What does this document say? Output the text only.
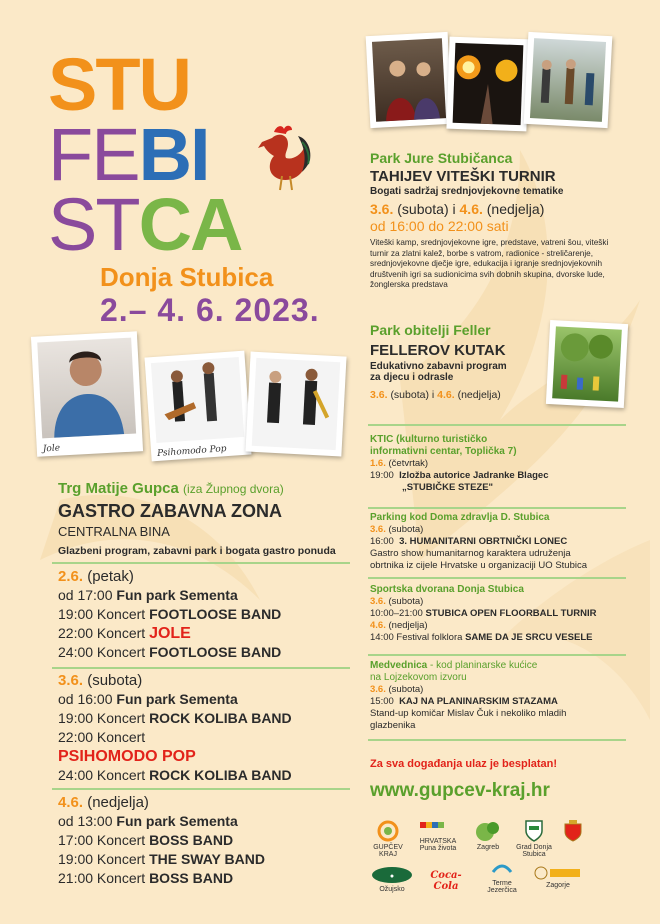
STU
FEBI
STCA
Donja Stubica
2.– 4. 6. 2023.
Jole	Psihomodo Pop
Trg Matije Gupca (iza Župnog dvora)
GASTRO ZABAVNA ZONA
CENTRALNA BINA
Glazbeni program, zabavni park i bogata gastro ponuda
2.6. (petak)
od 17:00 Fun park Sementa
19:00 Koncert FOOTLOOSE BAND
22:00 Koncert JOLE
24:00 Koncert FOOTLOOSE BAND
3.6. (subota)
od 16:00 Fun park Sementa
19:00 Koncert ROCK KOLIBA BAND
22:00 Koncert
PSIHOMODO POP
24:00 Koncert ROCK KOLIBA BAND
4.6. (nedjelja)
od 13:00 Fun park Sementa
17:00 Koncert BOSS BAND
19:00 Koncert THE SWAY BAND
21:00 Koncert BOSS BAND
Park Jure Stubičanca
TAHIJEV VITEŠKI TURNIR
Bogati sadržaj srednjovjekovne tematike
3.6. (subota) i 4.6. (nedjelja)
od 16:00 do 22:00 sati
Viteški kamp, srednjovjekovne igre, predstave, vatreni šou, viteški turnir za zlatni kalež, borbe s vatrom, radionice - streličarenje, srednjovjekovne dječje igre, edukacija i igranje srednjovjekovnih društvenih igri sa sudionicima svih dobnih skupina, dvorske lude, žonglerska predstava
Park obitelji Feller
FELLEROV KUTAK
Edukativno zabavni program
za djecu i odrasle
3.6. (subota) i 4.6. (nedjelja)
KTIC (kulturno turističko
informativni centar, Toplička 7)
1.6. (četvrtak)
19:00 Izložba autorice Jadranke Blagec
„STUBIČKE STEZE"
Parking kod Doma zdravlja D. Stubica
3.6. (subota)
16:00 3. HUMANITARNI OBRTNIČKI LONEC
Gastro show humanitarnog karaktera udruženja
obrtnika iz cijele Hrvatske u organizaciji UO Stubica
Sportska dvorana Donja Stubica
3.6. (subota)
10:00–21:00 STUBICA OPEN FLOORBALL TURNIR
4.6. (nedjelja)
14:00 Festival folklora SAME DA JE SRCU VESELE
Medvednica - kod planinarske kućice
na Lojzekovom izvoru
3.6. (subota)
15:00 KAJ NA PLANINARSKIM STAZAMA
Stand-up komičar Mislav Čuk i nekoliko mladih
glazbenika
Za sva događanja ulaz je besplatan!
www.gupcev-kraj.hr
GUPČEV KRAJ
HRVATSKA Puna života	Zagreb	Grad Donja Stubica
●
Ožujsko
Coca-Cola	Terme Jezerčica
Zagorje
